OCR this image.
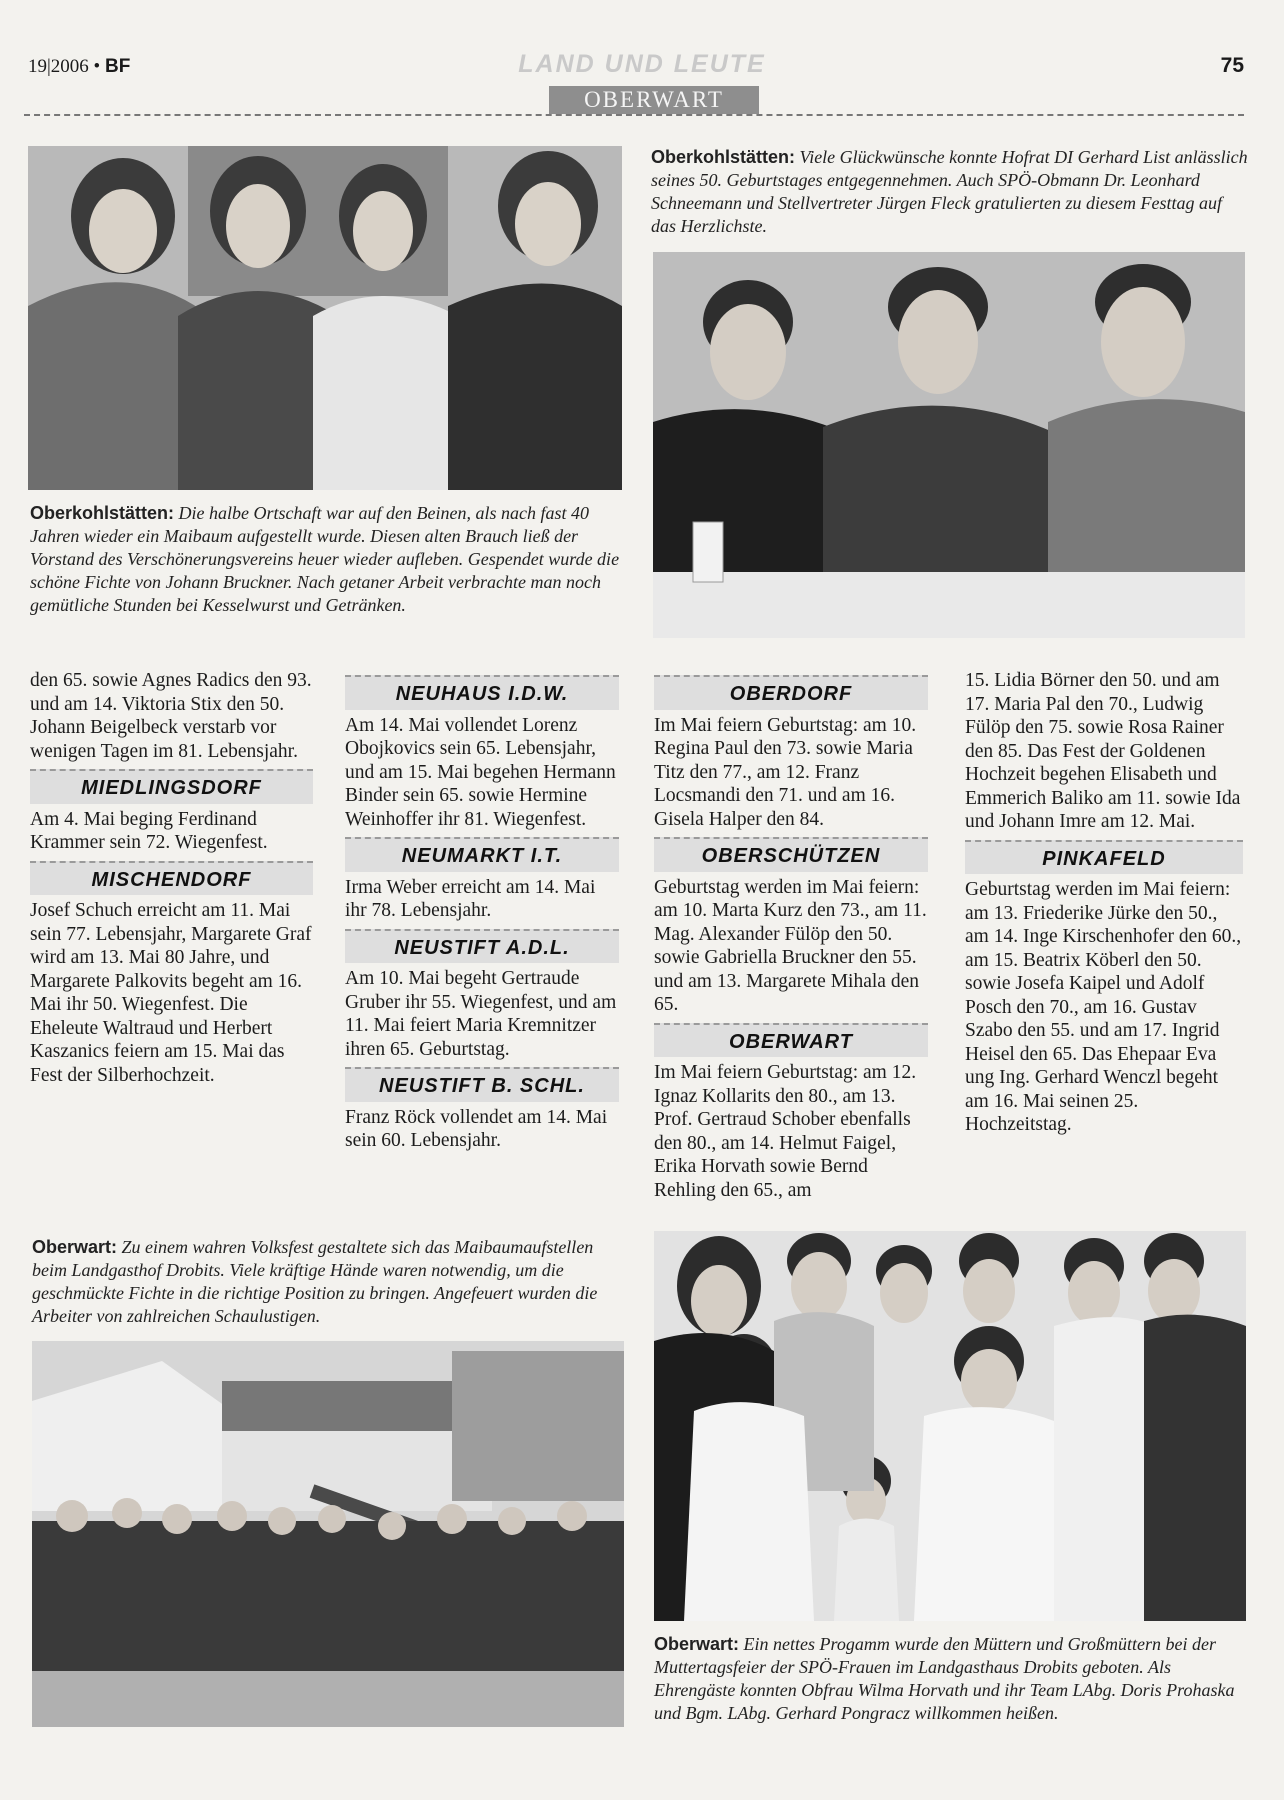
19|2006 • BF	LAND UND LEUTE	75
OBERWART
Oberkohlstätten: Viele Glückwünsche konnte Hofrat DI Gerhard List anlässlich seines 50. Geburtstages entgegennehmen. Auch SPÖ-Obmann Dr. Leonhard Schneemann und Stellvertreter Jürgen Fleck gratulierten zu diesem Festtag auf das Herzlichste.
Oberkohlstätten: Die halbe Ortschaft war auf den Beinen, als nach fast 40 Jahren wieder ein Maibaum aufgestellt wurde. Diesen alten Brauch ließ der Vorstand des Verschönerungsvereins heuer wieder aufleben. Gespendet wurde die schöne Fichte von Johann Bruckner. Nach getaner Arbeit verbrachte man noch gemütliche Stunden bei Kesselwurst und Getränken.

den 65. sowie Agnes Radics den 93. und am 14. Viktoria Stix den 50. Johann Beigelbeck verstarb vor wenigen Tagen im 81. Lebensjahr.

MIEDLINGSDORF

Am 4. Mai beging Ferdinand Krammer sein 72. Wiegenfest.

MISCHENDORF

Josef Schuch erreicht am 11. Mai sein 77. Lebensjahr, Margarete Graf wird am 13. Mai 80 Jahre, und Margarete Palkovits begeht am 16. Mai ihr 50. Wiegenfest. Die Eheleute Waltraud und Herbert Kaszanics feiern am 15. Mai das Fest der Silberhochzeit.

NEUHAUS I.D.W.

Am 14. Mai vollendet Lorenz Obojkovics sein 65. Lebensjahr, und am 15. Mai begehen Hermann Binder sein 65. sowie Hermine Weinhoffer ihr 81. Wiegenfest.

NEUMARKT I.T.

Irma Weber erreicht am 14. Mai ihr 78. Lebensjahr.

NEUSTIFT A.D.L.

Am 10. Mai begeht Gertraude Gruber ihr 55. Wiegenfest, und am 11. Mai feiert Maria Kremnitzer ihren 65. Geburtstag.

NEUSTIFT B. SCHL.

Franz Röck vollendet am 14. Mai sein 60. Lebensjahr.

OBERDORF

Im Mai feiern Geburtstag: am 10. Regina Paul den 73. sowie Maria Titz den 77., am 12. Franz Locsmandi den 71. und am 16. Gisela Halper den 84.

OBERSCHÜTZEN

Geburtstag werden im Mai feiern: am 10. Marta Kurz den 73., am 11. Mag. Alexander Fülöp den 50. sowie Gabriella Bruckner den 55. und am 13. Margarete Mihala den 65.

OBERWART

Im Mai feiern Geburtstag: am 12. Ignaz Kollarits den 80., am 13. Prof. Gertraud Schober ebenfalls den 80., am 14. Helmut Faigel, Erika Horvath sowie Bernd Rehling den 65., am

15. Lidia Börner den 50. und am 17. Maria Pal den 70., Ludwig Fülöp den 75. sowie Rosa Rainer den 85. Das Fest der Goldenen Hochzeit begehen Elisabeth und Emmerich Baliko am 11. sowie Ida und Johann Imre am 12. Mai.

PINKAFELD

Geburtstag werden im Mai feiern: am 13. Friederike Jürke den 50., am 14. Inge Kirschenhofer den 60., am 15. Beatrix Köberl den 50. sowie Josefa Kaipel und Adolf Posch den 70., am 16. Gustav Szabo den 55. und am 17. Ingrid Heisel den 65. Das Ehepaar Eva ung Ing. Gerhard Wenczl begeht am 16. Mai seinen 25. Hochzeitstag.

Oberwart: Zu einem wahren Volksfest gestaltete sich das Maibaumaufstellen beim Landgasthof Drobits. Viele kräftige Hände waren notwendig, um die geschmückte Fichte in die richtige Position zu bringen. Angefeuert wurden die Arbeiter von zahlreichen Schaulustigen.
Oberwart: Ein nettes Progamm wurde den Müttern und Großmüttern bei der Muttertagsfeier der SPÖ-Frauen im Landgasthaus Drobits geboten. Als Ehrengäste konnten Obfrau Wilma Horvath und ihr Team LAbg. Doris Prohaska und Bgm. LAbg. Gerhard Pongracz willkommen heißen.
